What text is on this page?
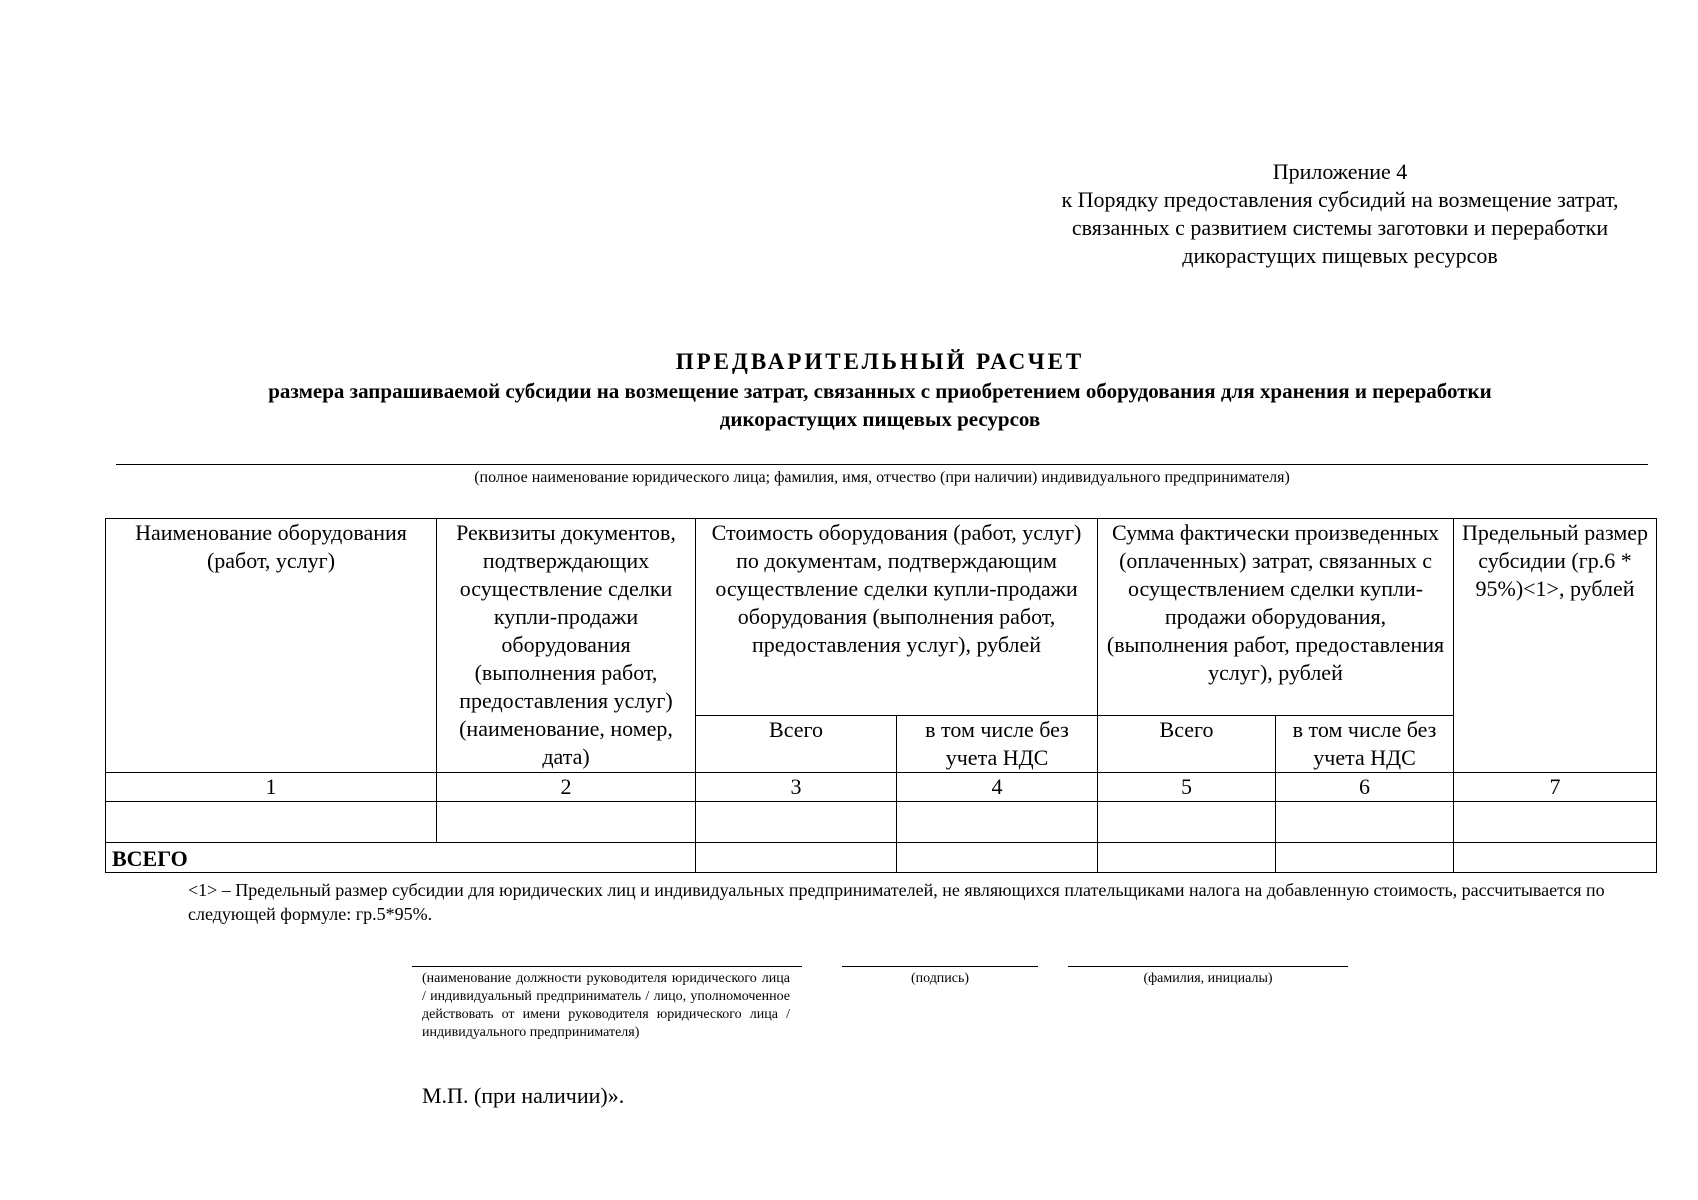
Приложение 4
к Порядку предоставления субсидий на возмещение затрат,
связанных с развитием системы заготовки и переработки
дикорастущих пищевых ресурсов
ПРЕДВАРИТЕЛЬНЫЙ РАСЧЕТ
размера запрашиваемой субсидии на возмещение затрат, связанных с приобретением оборудования для хранения и переработки
дикорастущих пищевых ресурсов
(полное наименование юридического лица; фамилия, имя, отчество (при наличии) индивидуального предпринимателя)
Наименование оборудования (работ, услуг)	Реквизиты документов, подтверждающих осуществление сделки купли-продажи оборудования (выполнения работ, предоставления услуг) (наименование, номер, дата)	Стоимость оборудования (работ, услуг) по документам, подтверждающим осуществление сделки купли-продажи оборудования (выполнения работ, предоставления услуг), рублей		Сумма фактически произведенных (оплаченных) затрат, связанных с осуществлением сделки купли-продажи оборудования, (выполнения работ, предоставления услуг), рублей		Предельный размер субсидии (гр.6 * 95%)<1>, рублей
		Всего	в том числе без учета НДС	Всего	в том числе без учета НДС	
1	2	3	4	5	6	7

ВСЕГО						
<1> – Предельный размер субсидии для юридических лиц и индивидуальных предпринимателей, не являющихся плательщиками налога на добавленную стоимость, рассчитывается по следующей формуле: гр.5*95%.
(наименование должности руководителя юридического лица / индивидуальный предприниматель / лицо, уполномоченное действовать от имени руководителя юридического лица / индивидуального предпринимателя)
(подпись)	(фамилия, инициалы)
М.П. (при наличии)».
